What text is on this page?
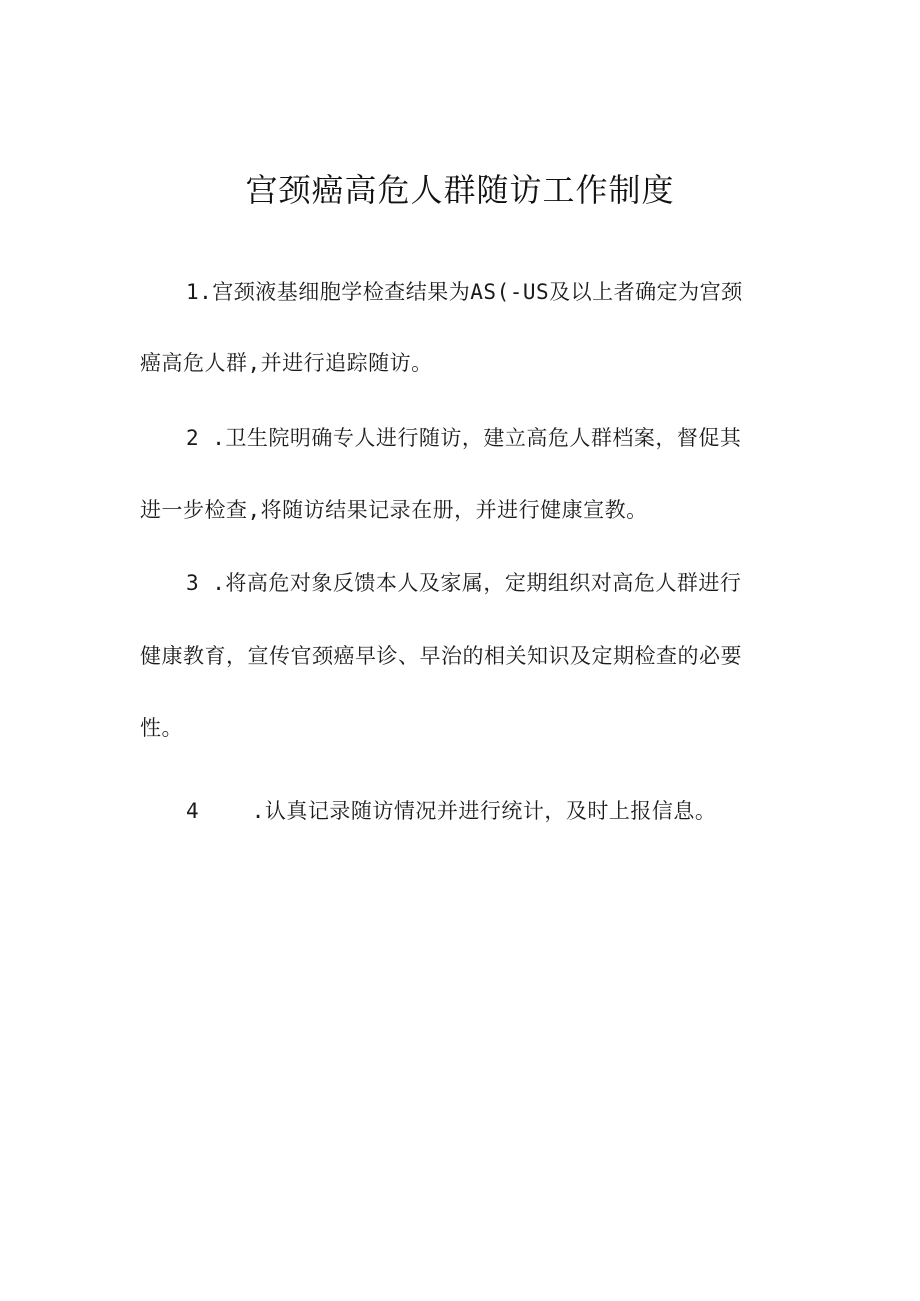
宫颈癌高危人群随访工作制度
1.宫颈液基细胞学检查结果为AS(-US及以上者确定为宫颈
癌高危人群,并进行追踪随访。
2 .卫生院明确专人进行随访，建立高危人群档案，督促其
进一步检查,将随访结果记录在册，并进行健康宣教。
3 .将高危对象反馈本人及家属，定期组织对高危人群进行
健康教育，宣传官颈癌早诊、早治的相关知识及定期检查的必要
性。
4    .认真记录随访情况并进行统计，及时上报信息。
